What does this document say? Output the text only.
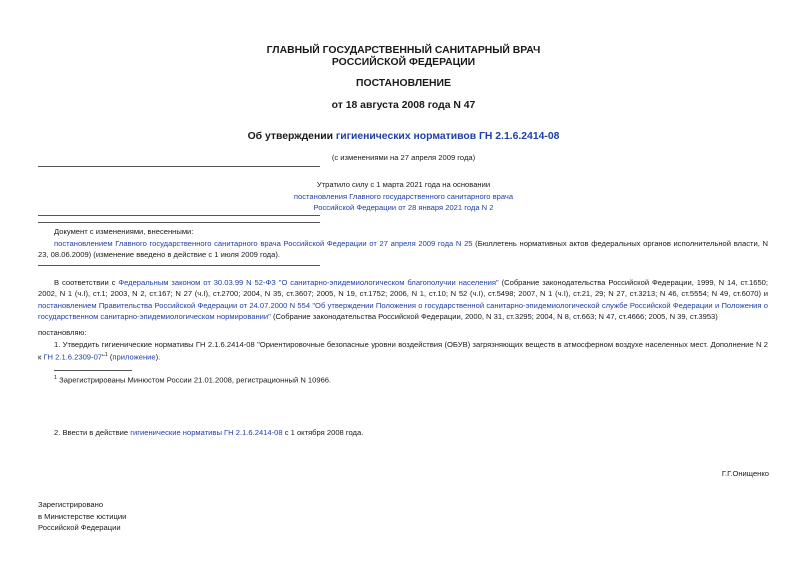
ГЛАВНЫЙ ГОСУДАРСТВЕННЫЙ САНИТАРНЫЙ ВРАЧ
РОССИЙСКОЙ ФЕДЕРАЦИИ
ПОСТАНОВЛЕНИЕ
от 18 августа 2008 года N 47
Об утверждении гигиенических нормативов ГН 2.1.6.2414-08
(с изменениями на 27 апреля 2009 года)
Утратило силу с 1 марта 2021 года на основании
постановления Главного государственного санитарного врача
Российской Федерации от 28 января 2021 года N 2
Документ с изменениями, внесенными:
постановлением Главного государственного санитарного врача Российской Федерации от 27 апреля 2009 года N 25 (Бюллетень нормативных актов федеральных органов исполнительной власти, N 23, 08.06.2009) (изменение введено в действие с 1 июля 2009 года).
В соответствии с Федеральным законом от 30.03.99 N 52-ФЗ "О санитарно-эпидемиологическом благополучии населения" (Собрание законодательства Российской Федерации, 1999, N 14, ст.1650; 2002, N 1 (ч.I), ст.1; 2003, N 2, ст.167; N 27 (ч.I), ст.2700; 2004, N 35, ст.3607; 2005, N 19, ст.1752; 2006, N 1, ст.10; N 52 (ч.I), ст.5498; 2007, N 1 (ч.I), ст.21, 29; N 27, ст.3213; N 46, ст.5554; N 49, ст.6070) и постановлением Правительства Российской Федерации от 24.07.2000 N 554 "Об утверждении Положения о государственной санитарно-эпидемиологической службе Российской Федерации и Положения о государственном санитарно-эпидемиологическом нормировании" (Собрание законодательства Российской Федерации, 2000, N 31, ст.3295; 2004, N 8, ст.663; N 47, ст.4666; 2005, N 39, ст.3953)
постановляю:
1. Утвердить гигиенические нормативы ГН 2.1.6.2414-08 "Ориентировочные безопасные уровни воздействия (ОБУВ) загрязняющих веществ в атмосферном воздухе населенных мест. Дополнение N 2 к ГН 2.1.6.2309-07"$^1$ (приложение).
$^1$ Зарегистрированы Минюстом России 21.01.2008, регистрационный N 10966.
2. Ввести в действие гигиенические нормативы ГН 2.1.6.2414-08 с 1 октября 2008 года.
Г.Г.Онищенко
Зарегистрировано
в Министерстве юстиции
Российской Федерации
